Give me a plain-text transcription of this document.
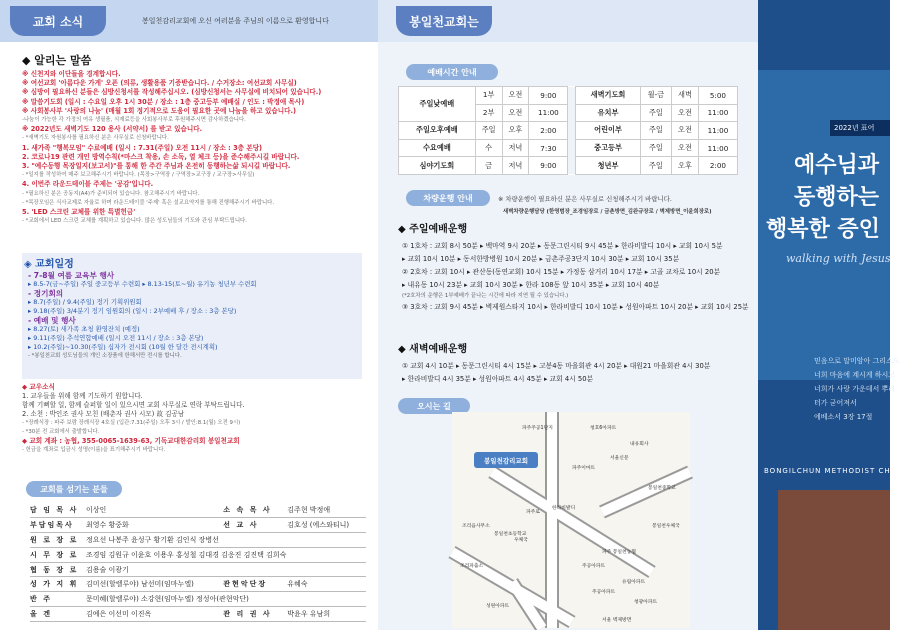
교회 소식	봉일천감리교회에 오신 여러분을 주님의 이름으로 환영합니다
◆ 알리는 말씀
※ 신천지와 이단들을 경계합시다.
※ 여선교회 '아름다운 가게' 오픈 (의류, 생활용품 기증받습니다. / 수거장소: 여선교회 사무실)
※ 심방이 필요하신 분들은 심방신청서를 작성해주십시오. (심방신청서는 사무실에 비치되어 있습니다.)
※ 말씀기도회 (일시 : 수요일 오후 1시 30분 / 장소 : 1층 중고등부 예배실 / 인도 : 박정애 목사)
※ 사회봉사부 '사랑의 나눔' (매월 1회 정기적으로 도움이 필요한 곳에 나눔을 하고 있습니다.)
-나눔이 가능한 각 가정의 여유 생필품, 식재료등을 사회봉사부로 후원해주시면 감사하겠습니다.
※ 2022년도 새벽기도 120 용사 (서약서) 를 받고 있습니다.
- *새벽기도 자원봉사를 필요하신 분은 사무실로 신청바랍니다.
1. 새가족 "행복모임" 수료예배 (일시 : 7.31(주일) 오전 11시 / 장소 : 3층 본당)
2. 코로나19 관련 개인 방역수칙(*마스크 착용, 손 소독, 열 체크 등)을 준수해주시길 바랍니다.
3. "예수동행 목장일지(보고서)"를 통해 한 주간 주님과 온전히 동행하는삶 되시길 바랍니다.
- *일지를 작성하여 매주 보고해주시기 바랍니다. (목장>구역장 / 구역장>교구장 / 교구장>사무실)
4. 이번주 라운드테이블 주제는 '공감'입니다.
- *필요하신 분은 공동지(A4)가 준비되어 있습니다. 참고해주시기 바랍니다.
- *목장모임은 식사교제로 자율로 하며 라운드테이블 '주제' 혹은 설교요약지를 통해 진행해주시기 바랍니다.
5. 'LED 스크린 교체를 위한 특별헌금'
- *교회에서 LED 스크린 교체를 계획하고 있습니다. 많은 성도님들의 기도와 관심 부탁드립니다.
◈ 교회일정
- 7-8월 여름 교육부 행사
▸ 8.5-7(금~주일) 주일 중고등부 수련회 ▸ 8.13-15(토~월) 유기농 청년부 수련회
- 정기회의
▸ 8.7(주일) / 9.4(주일) 정기 기획위원회
▸ 9.18(주일) 3/4분기 정기 임원회의 (일시 : 2부예배 후 / 장소 : 3층 본당)
- 예배 및 행사
▸ 8.27(토) 새가족 초청 환영잔치 (예정)
▸ 9.11(주일) 추석연합예배 (일시 오전 11시 / 장소 : 3층 본당)
▸ 10.2(주일)~10.30(주일) 십자가 전시회 (10월 한 달간 전시계획)
- *봉일천교회 성도님들의 개인 소장품에 한해서만 전시를 합니다.
◆ 교우소식
1. 교우들을 위해 함께 기도하기 원합니다.
함께 기뻐할 일, 함께 슬퍼할 일이 있으시면 교회 사무실로 연락 부탁드립니다.
2. 소천 : 박인조 권사 모친 (배춘자 권사 시모) 故 김공남
- *장례식장 : 파주 보람 장례식장 4호실 (입관:7.31(주일) 오후 3시 / 발인:8.1(월) 오전 9시)
- *30분 전 교회에서 출발합니다.
◆ 교회 계좌 : 농협, 355-0065-1639-63, 기독교대한감리회 봉일천교회
- 헌금을 계좌로 입금시 성명(이름)을 표기해주시기 바랍니다.
교회를 섬기는 분들
담 임 목 사	이상인	소 속 목 사	김주현 박정애
부담임목사	최영수 황중화	선 교 사	김호성 (에스와티니)
원 로 장 로	정요선 나봉주 윤성구 황기환 김인식 장병선		
시 무 장 로	조경임 김원규 이윤호 이용우 홍성철 김대경 김응진 김진택 김희숙		
협 동 장 로	김용술 이광기		
성 가 지 휘	김미선(할렐루야) 남선미(임마누엘)	관현악단장	유혜숙
반 주	문미혜(할렐루야) 소강현(임마누엘) 정성아(관현악단)		
올 겐	김예은 이선미 이진옥	관 리 권 사	박윤우 유남희
봉일천교회는
예배시간 안내
주일낮예배	1부	오전	9:00		새벽기도회	월-금	새벽	5:00
	2부	오전	11:00		유치부	주일	오전	11:00
주일오후예배	주일	오후	2:00		어린이부	주일	오전	11:00
수요예배	수	저녁	7:30		중고등부	주일	오전	11:00
심야기도회	금	저녁	9:00		청년부	주일	오후	2:00
차량운행 안내	※ 차량운행이 필요하신 분은 사무실로 신청해주시기 바랍니다.
새벽차량운행담당 (한영범장_조경임장로 / 금촌방면_김완규장로 / 벽제방면_이윤희장로)
◆ 주일예배운행
① 1호차 : 교회 8시 50분 ▸ 백마역 9시 20분 ▸ 동문그린시티 9시 45분 ▸ 한라비발디 10시 ▸ 교회 10시 5분
▸ 교회 10시 10분 ▸ 동서한방병원 10시 20분 ▸ 금촌주공3단지 10시 30분 ▸ 교회 10시 35분
② 2호차 : 교회 10시 ▸ 관산동(동연교회) 10시 15분 ▸ 가정동 삼거리 10시 17분 ▸ 고골 교차로 10시 20분
▸ 내유동 10시 23분 ▸ 교회 10시 30분 ▸ 한라 108동 앞 10시 35분 ▸ 교회 10시 40분
(*2호차의 운행은 1부예배가 끝나는 시간에 따라 지연 될 수 있습니다.)
③ 3호차 : 교회 9시 45분 ▸ 벽제원스타지 10시 ▸ 한라비발디 10시 10분 ▸ 성원아파트 10시 20분 ▸ 교회 10시 25분
◆ 새벽예배운행
① 교회 4시 10분 ▸ 동문그린시티 4시 15분 ▸ 고봉4동 마을회관 4시 20분 ▸ 대원21 마을회관 4시 30분
▸ 한라비발디 4시 35분 ▸ 성원아파트 4시 45분 ▸ 교회 4시 50분
오시는 길
봉일천감리교회
파주주공1단지	청호6아파트
내유회사
서울신문
파주이마트
봉일천중학교
봉일천우체국
조리읍사무소
봉일천초등학교
우체국
파주 봉일천농협
한라비발디
파주로
조리파출소	주공아파트
성원아파트
유림아파트
청광아파트
주공아파트
서울 벽제방면
2022년 표어
예수님과
동행하는
행복한 증인
walking with Jesus
믿음으로 말미암아 그리스도
너희 마음에 계시게 하시고
너희가 사랑 가운데서 뿌리
터가 굳어져서
에베소서 3장 17절
BONGILCHUN METHODIST CHURCH
